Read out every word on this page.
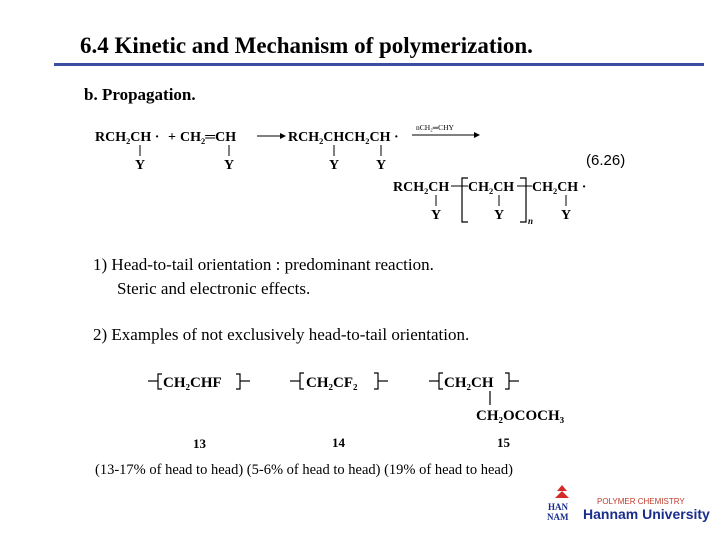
6.4 Kinetic and Mechanism of polymerization.
b. Propagation.
RCH₂CH · + CH₂═CH	RCH₂CHCH₂CH ·
Y	Y	Y	Y
nCH₂═CHY
RCH₂CH CH₂CH CH₂CH ·
Y	Y	Y
n
CH₂CHF	CH₂CF₂	CH₂CH
CH₂OCOCH₃
(6.26)
1) Head-to-tail orientation : predominant reaction.
Steric and electronic effects.
2) Examples of not exclusively head-to-tail orientation.
13	14	15
(13-17% of head to head) (5-6% of head to head) (19% of head to head)
HAN
NAM
POLYMER CHEMISTRY
Hannam University
